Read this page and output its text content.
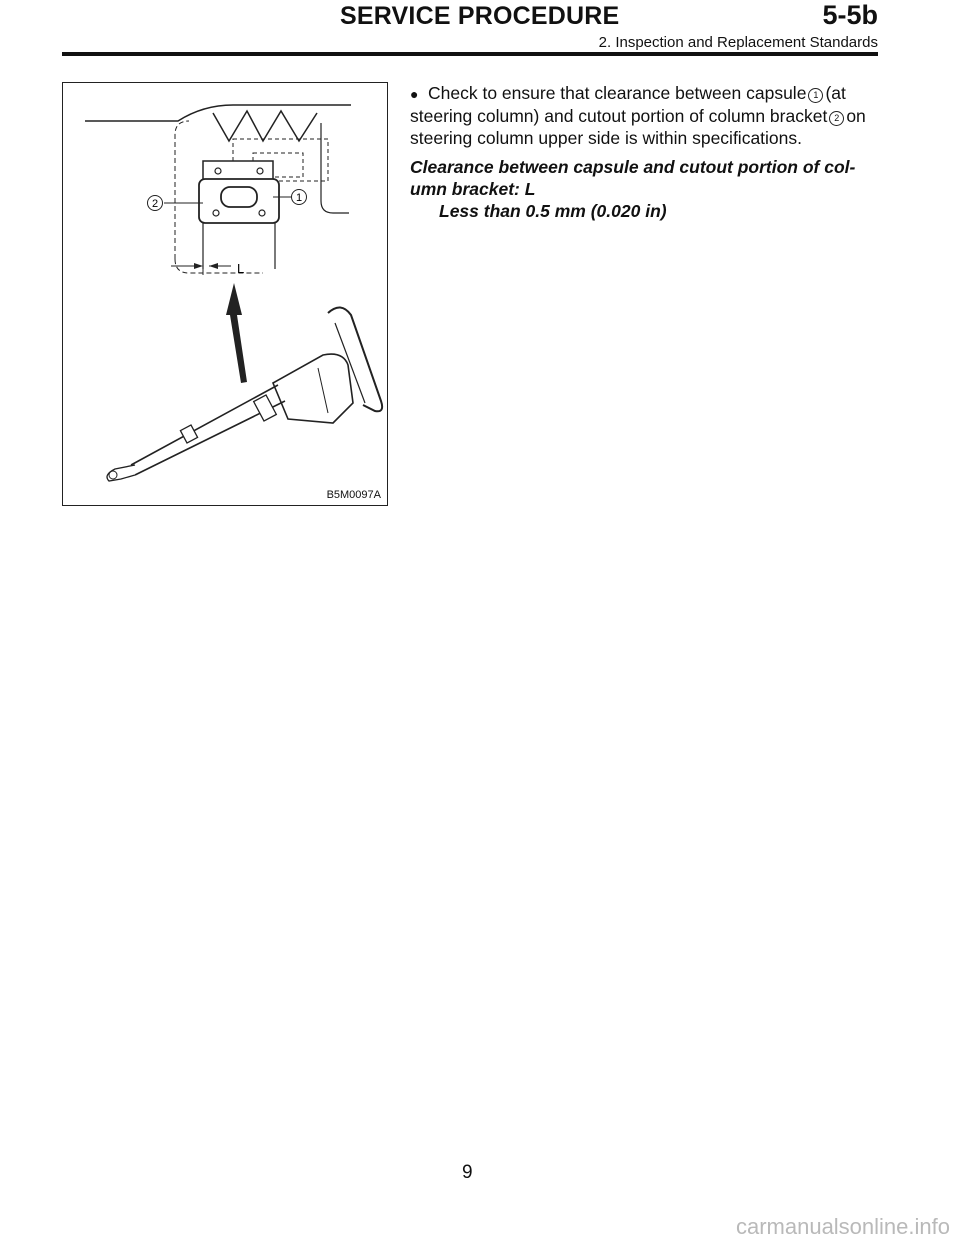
SERVICE PROCEDURE	5-5b
2. Inspection and Replacement Standards
1
2
L
B5M0097A

● Check to ensure that clearance between capsule 1 (at steering column) and cutout portion of column bracket 2 on steering column upper side is within specifications.

Clearance between capsule and cutout portion of col-

umn bracket: L

Less than 0.5 mm (0.020 in)

9
carmanualsonline.info
